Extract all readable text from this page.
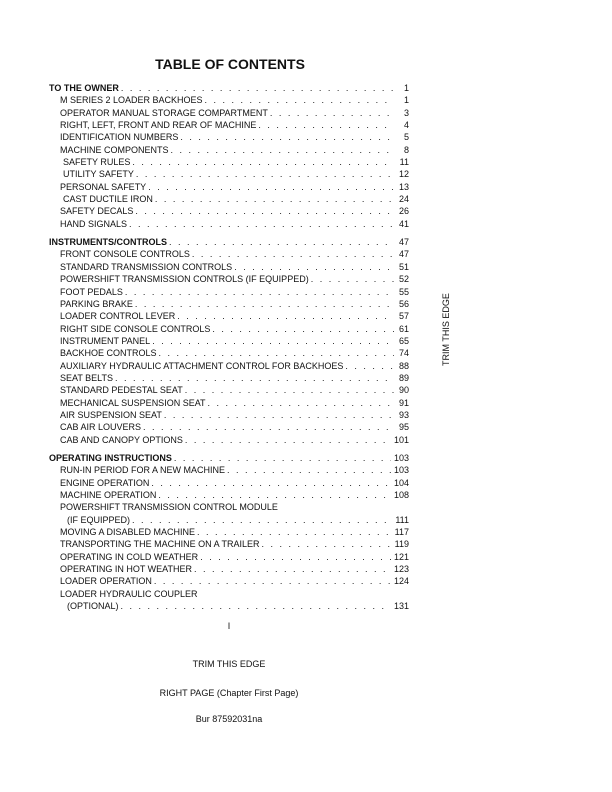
TABLE OF CONTENTS
TO THE OWNER . . .	1
M SERIES 2 LOADER BACKHOES . . .	1
OPERATOR MANUAL STORAGE COMPARTMENT . . .	3
RIGHT, LEFT, FRONT AND REAR OF MACHINE . . .	4
IDENTIFICATION NUMBERS . . .	5
MACHINE COMPONENTS . . .	8
SAFETY RULES . . .	11
UTILITY SAFETY . . .	12
PERSONAL SAFETY . . .	13
CAST DUCTILE IRON . . .	24
SAFETY DECALS . . .	26
HAND SIGNALS . . .	41
INSTRUMENTS/CONTROLS . . .	47
FRONT CONSOLE CONTROLS . . .	47
STANDARD TRANSMISSION CONTROLS . . .	51
POWERSHIFT TRANSMISSION CONTROLS (IF EQUIPPED) . . .	52
FOOT PEDALS . . .	55
PARKING BRAKE . . .	56
LOADER CONTROL LEVER . . .	57
RIGHT SIDE CONSOLE CONTROLS . . .	61
INSTRUMENT PANEL . . .	65
BACKHOE CONTROLS . . .	74
AUXILIARY HYDRAULIC ATTACHMENT CONTROL FOR BACKHOES . . .	88
SEAT BELTS . . .	89
STANDARD PEDESTAL SEAT . . .	90
MECHANICAL SUSPENSION SEAT . . .	91
AIR SUSPENSION SEAT . . .	93
CAB AIR LOUVERS . . .	95
CAB AND CANOPY OPTIONS . . .	101
OPERATING INSTRUCTIONS . . .	103
RUN-IN PERIOD FOR A NEW MACHINE . . .	103
ENGINE OPERATION . . .	104
MACHINE OPERATION . . .	108
POWERSHIFT TRANSMISSION CONTROL MODULE
(IF EQUIPPED) . . .	111
MOVING A DISABLED MACHINE . . .	117
TRANSPORTING THE MACHINE ON A TRAILER . . .	119
OPERATING IN COLD WEATHER . . .	121
OPERATING IN HOT WEATHER . . .	123
LOADER OPERATION . . .	124
LOADER HYDRAULIC COUPLER
(OPTIONAL) . . .	131
TRIM THIS EDGE
I
TRIM THIS EDGE
RIGHT PAGE (Chapter First Page)
Bur 87592031na
